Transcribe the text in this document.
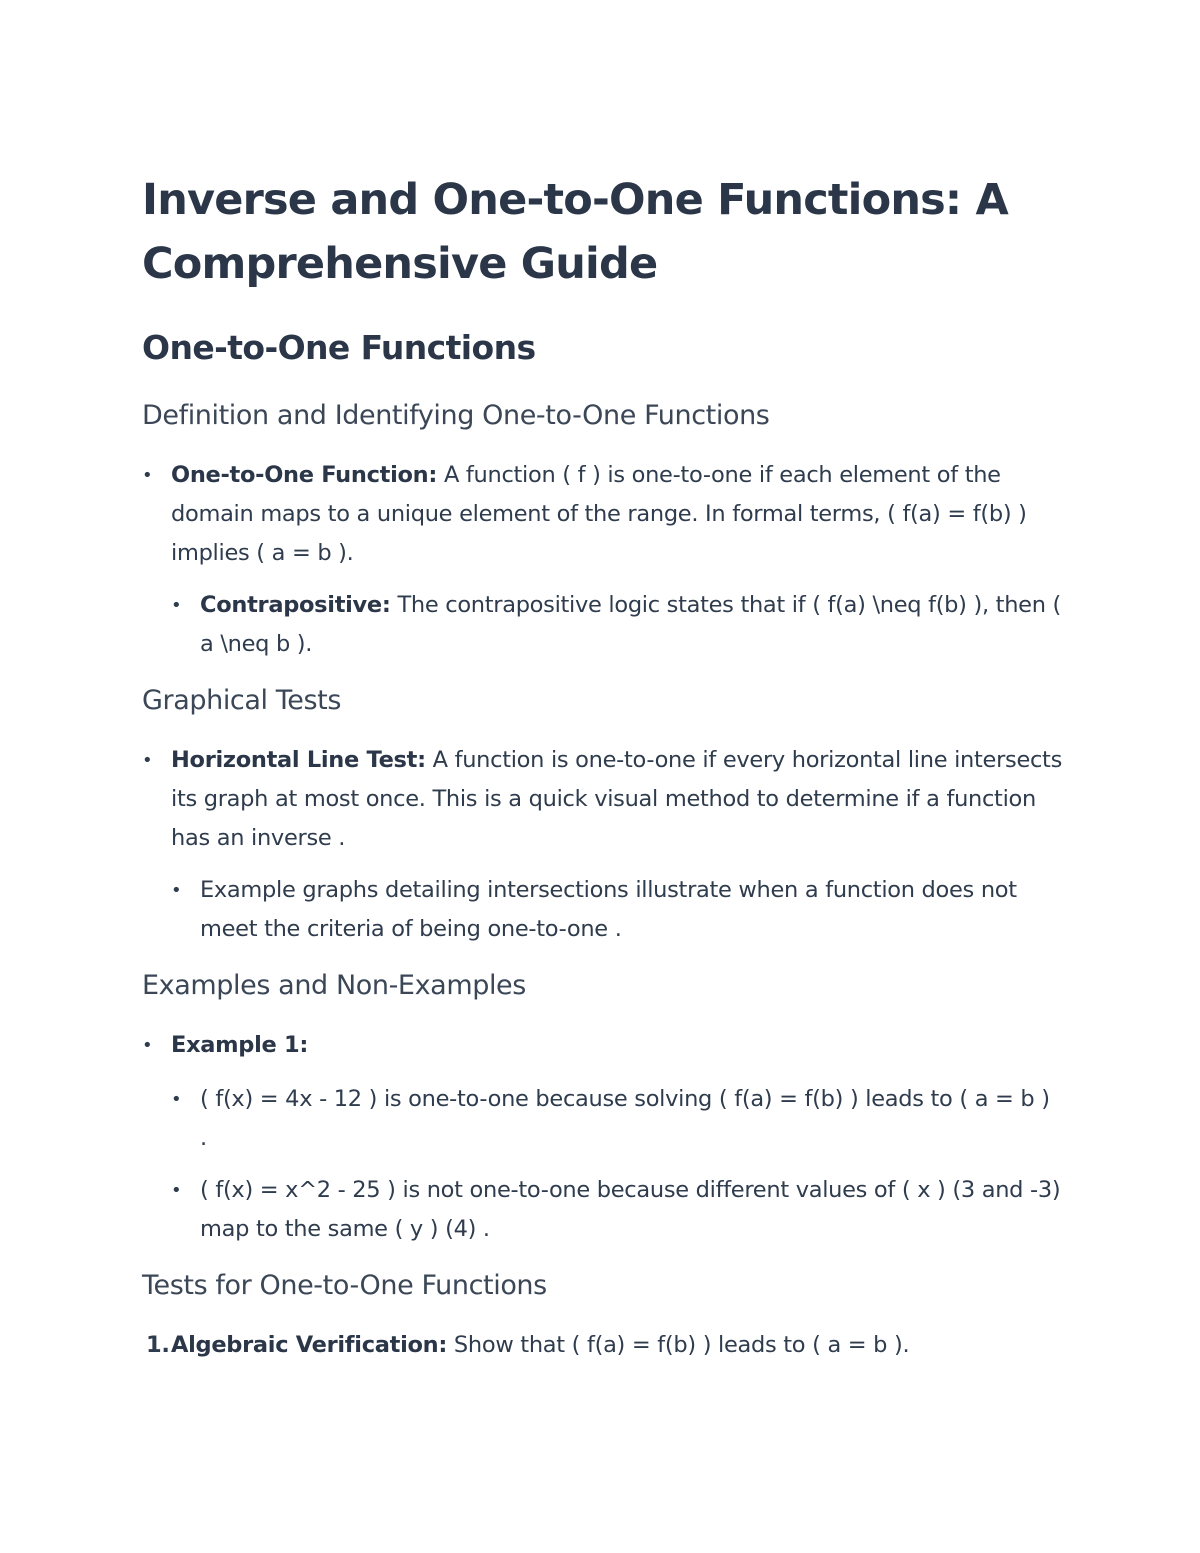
Inverse and One-to-One Functions: A Comprehensive Guide
One-to-One Functions
Definition and Identifying One-to-One Functions
• One-to-One Function: A function ( f ) is one-to-one if each element of the domain maps to a unique element of the range. In formal terms, ( f(a) = f(b) ) implies ( a = b ).
• Contrapositive: The contrapositive logic states that if ( f(a) \neq f(b) ), then ( a \neq b ).
Graphical Tests
• Horizontal Line Test: A function is one-to-one if every horizontal line intersects its graph at most once. This is a quick visual method to determine if a function has an inverse .
• Example graphs detailing intersections illustrate when a function does not meet the criteria of being one-to-one .
Examples and Non-Examples
• Example 1:
• ( f(x) = 4x - 12 ) is one-to-one because solving ( f(a) = f(b) ) leads to ( a = b ) .
• ( f(x) = x^2 - 25 ) is not one-to-one because different values of ( x ) (3 and -3) map to the same ( y ) (4) .
Tests for One-to-One Functions
1. Algebraic Verification: Show that ( f(a) = f(b) ) leads to ( a = b ).
